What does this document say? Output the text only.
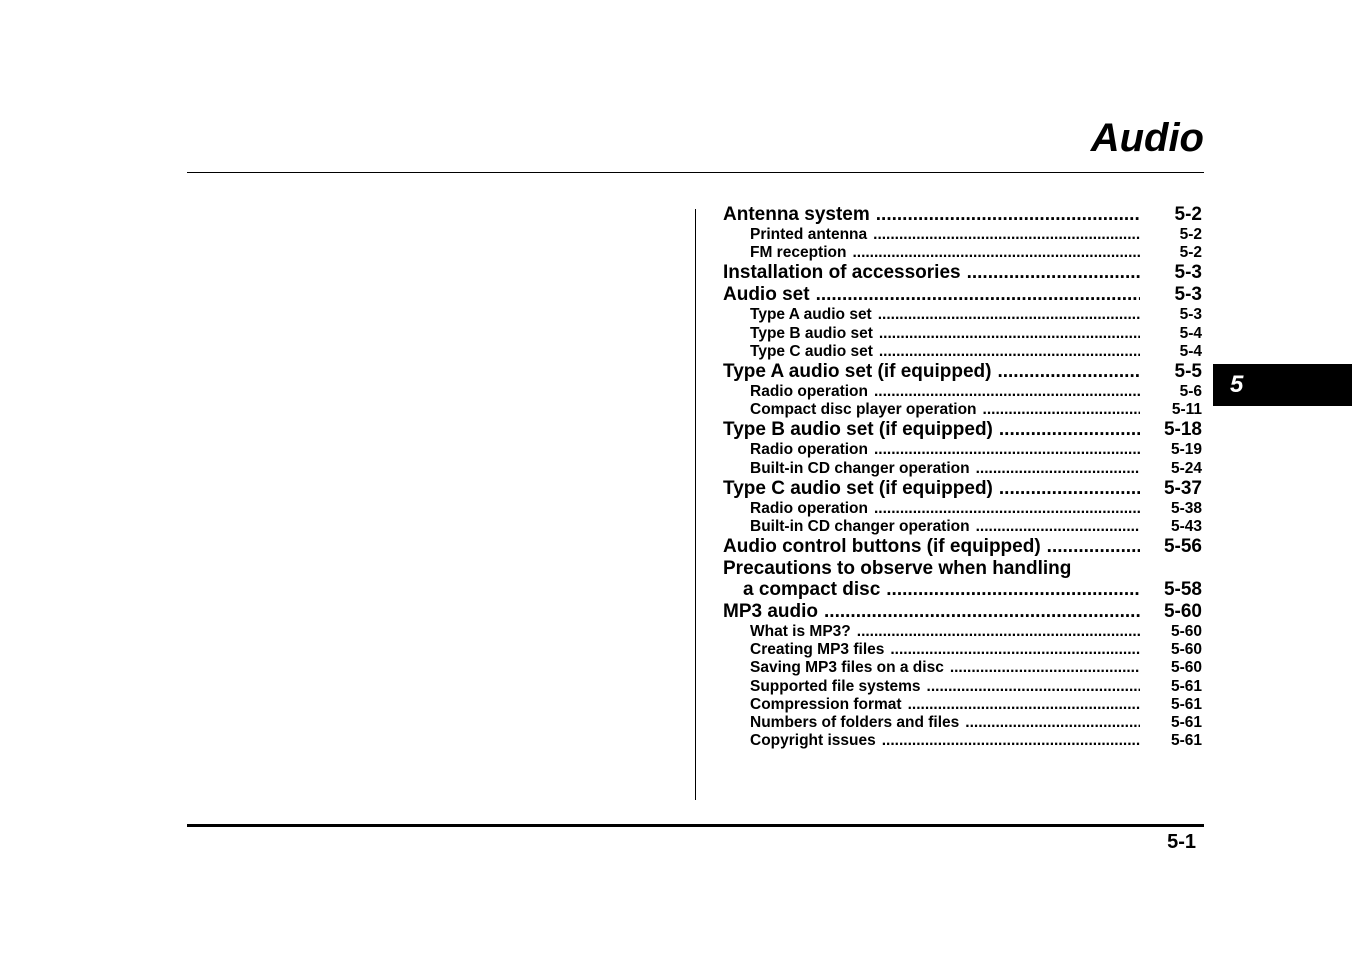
Audio
5
Antenna system .....	5-2
Printed antenna .....	5-2
FM reception .....	5-2
Installation of accessories .....	5-3
Audio set .....	5-3
Type A audio set .....	5-3
Type B audio set .....	5-4
Type C audio set .....	5-4
Type A audio set (if equipped) .....	5-5
Radio operation .....	5-6
Compact disc player operation .....	5-11
Type B audio set (if equipped) .....	5-18
Radio operation .....	5-19
Built-in CD changer operation .....	5-24
Type C audio set (if equipped) .....	5-37
Radio operation .....	5-38
Built-in CD changer operation .....	5-43
Audio control buttons (if equipped) .....	5-56
Precautions to observe when handling
a compact disc .....	5-58
MP3 audio .....	5-60
What is MP3? .....	5-60
Creating MP3 files .....	5-60
Saving MP3 files on a disc .....	5-60
Supported file systems .....	5-61
Compression format .....	5-61
Numbers of folders and files .....	5-61
Copyright issues .....	5-61
5-1
